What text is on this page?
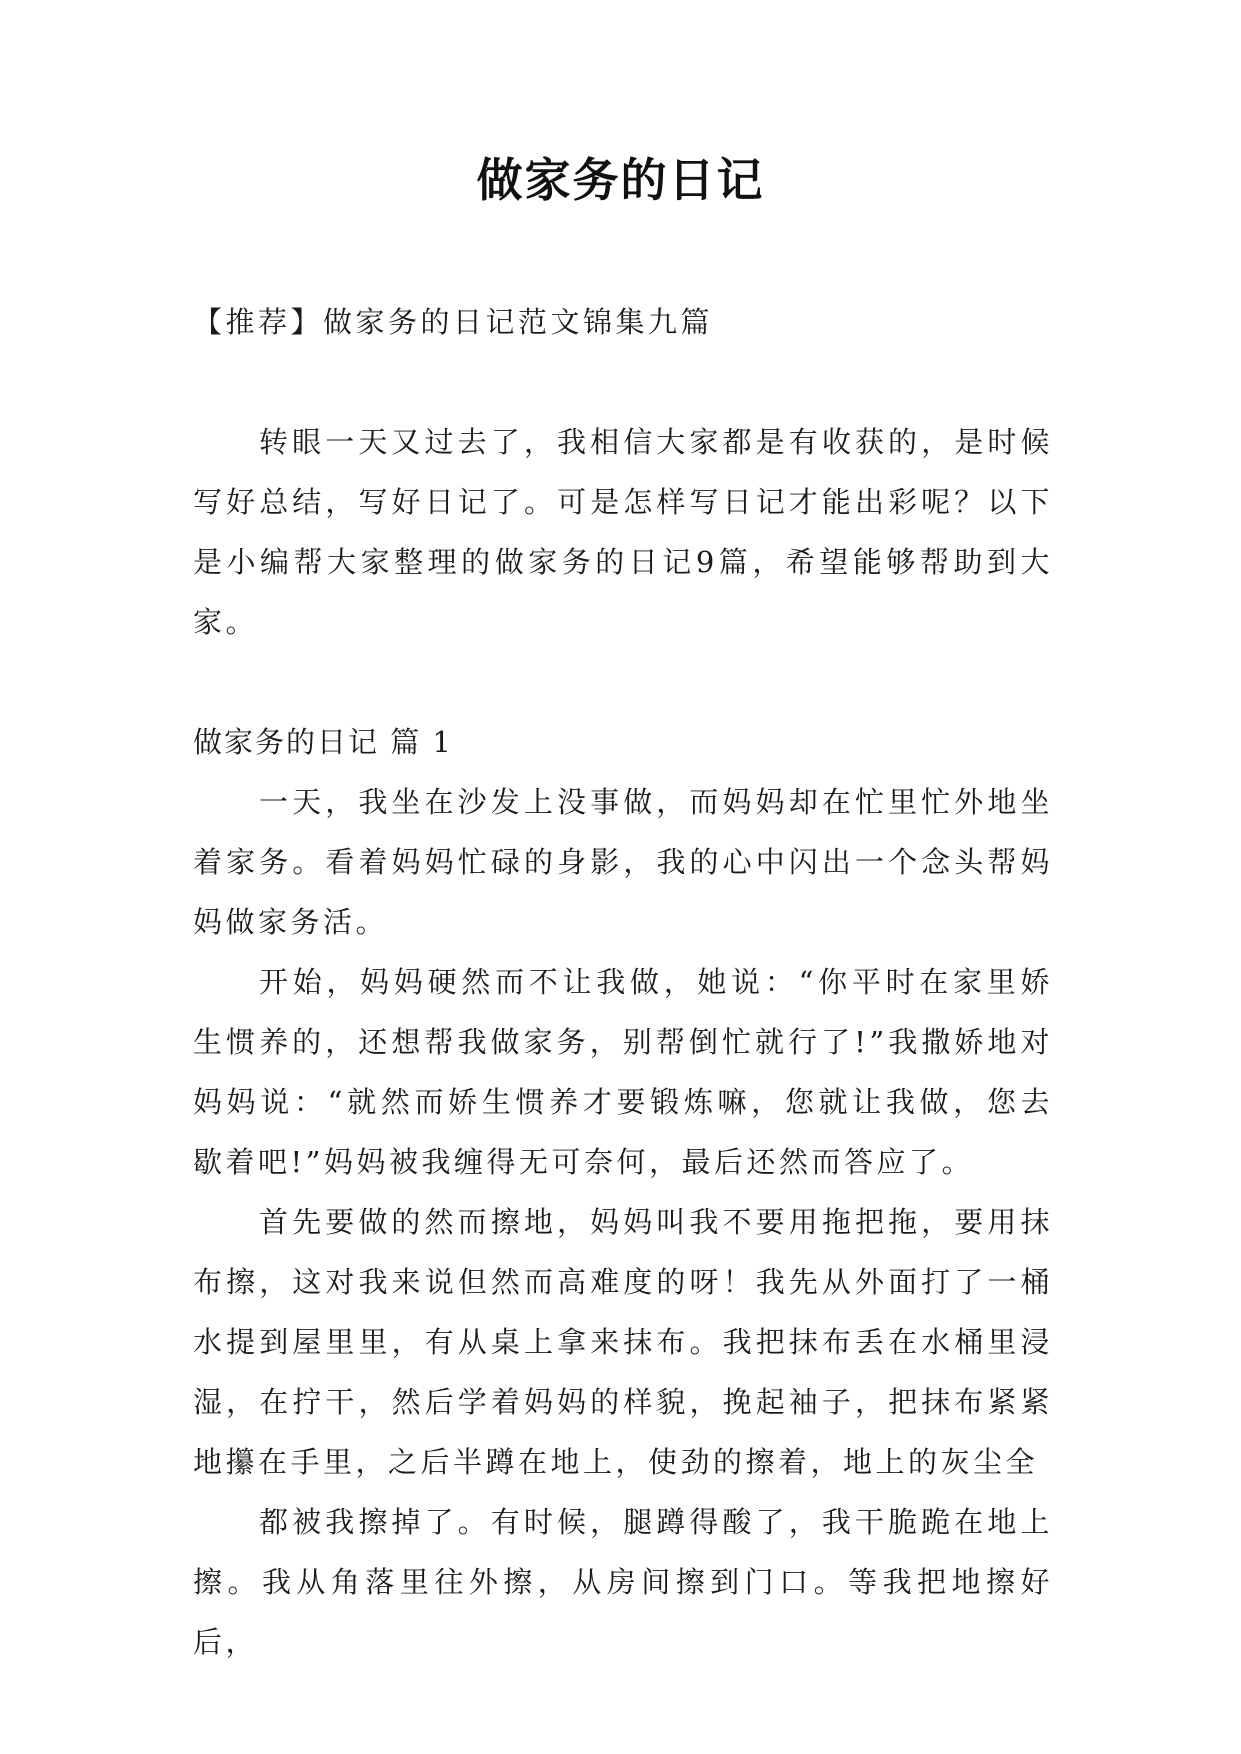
做家务的日记

【推荐】做家务的日记范文锦集九篇

转眼一天又过去了，我相信大家都是有收获的，是时候写好总结，写好日记了。可是怎样写日记才能出彩呢？以下是小编帮大家整理的做家务的日记9篇，希望能够帮助到大家。

做家务的日记 篇 1

一天，我坐在沙发上没事做，而妈妈却在忙里忙外地坐着家务。看着妈妈忙碌的身影，我的心中闪出一个念头帮妈妈做家务活。

开始，妈妈硬然而不让我做，她说：“你平时在家里娇生惯养的，还想帮我做家务，别帮倒忙就行了!”我撒娇地对妈妈说：“就然而娇生惯养才要锻炼嘛，您就让我做，您去歇着吧!”妈妈被我缠得无可奈何，最后还然而答应了。

首先要做的然而擦地，妈妈叫我不要用拖把拖，要用抹布擦，这对我来说但然而高难度的呀！我先从外面打了一桶水提到屋里里，有从桌上拿来抹布。我把抹布丢在水桶里浸湿，在拧干，然后学着妈妈的样貌，挽起袖子，把抹布紧紧地攥在手里，之后半蹲在地上，使劲的擦着，地上的灰尘全

都被我擦掉了。有时候，腿蹲得酸了，我干脆跪在地上擦。我从角落里往外擦，从房间擦到门口。等我把地擦好后，
